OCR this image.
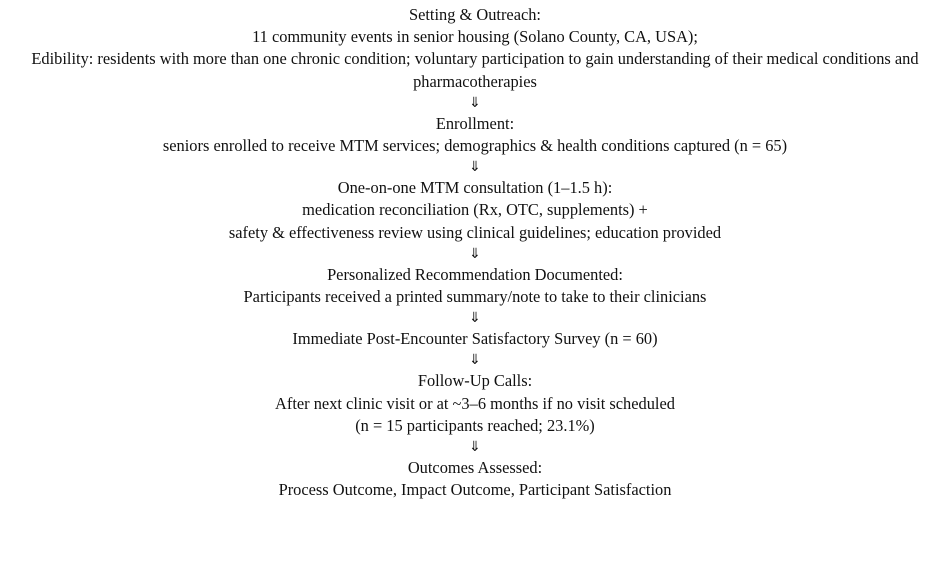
Setting & Outreach:
11 community events in senior housing (Solano County, CA, USA);
Edibility: residents with more than one chronic condition; voluntary participation to gain understanding of their medical conditions and pharmacotherapies
⇓
Enrollment:
seniors enrolled to receive MTM services; demographics & health conditions captured (n = 65)
⇓
One-on-one MTM consultation (1–1.5 h):
medication reconciliation (Rx, OTC, supplements) +
safety & effectiveness review using clinical guidelines; education provided
⇓
Personalized Recommendation Documented:
Participants received a printed summary/note to take to their clinicians
⇓
Immediate Post-Encounter Satisfactory Survey (n = 60)
⇓
Follow-Up Calls:
After next clinic visit or at ~3–6 months if no visit scheduled
(n = 15 participants reached; 23.1%)
⇓
Outcomes Assessed:
Process Outcome, Impact Outcome, Participant Satisfaction
